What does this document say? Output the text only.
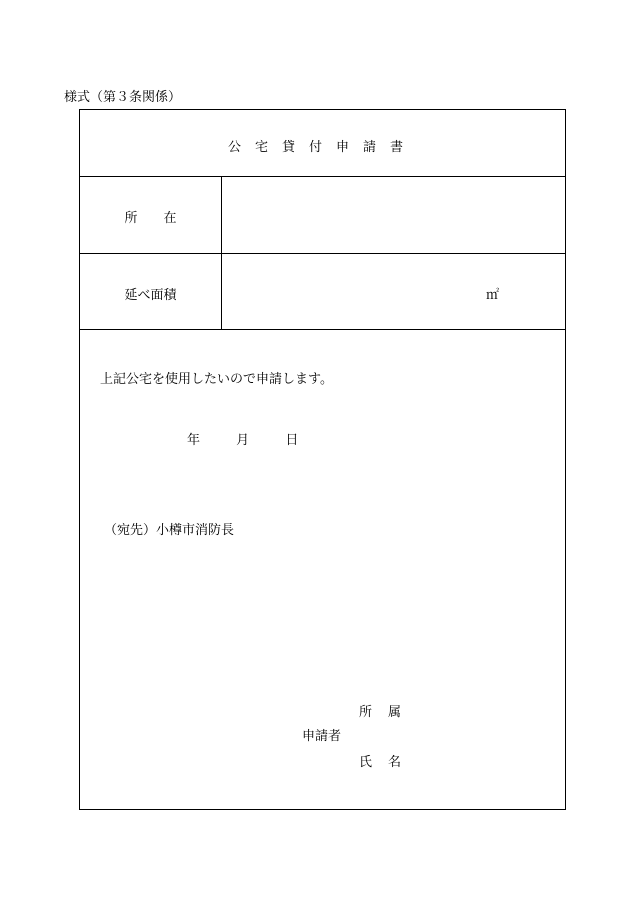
様式（第３条関係）
公宅貸付申請書
所在
延べ面積	㎡
上記公宅を使用したいので申請します。
年	月	日
（宛先）小樽市消防長
所 属
申請者
氏 名
